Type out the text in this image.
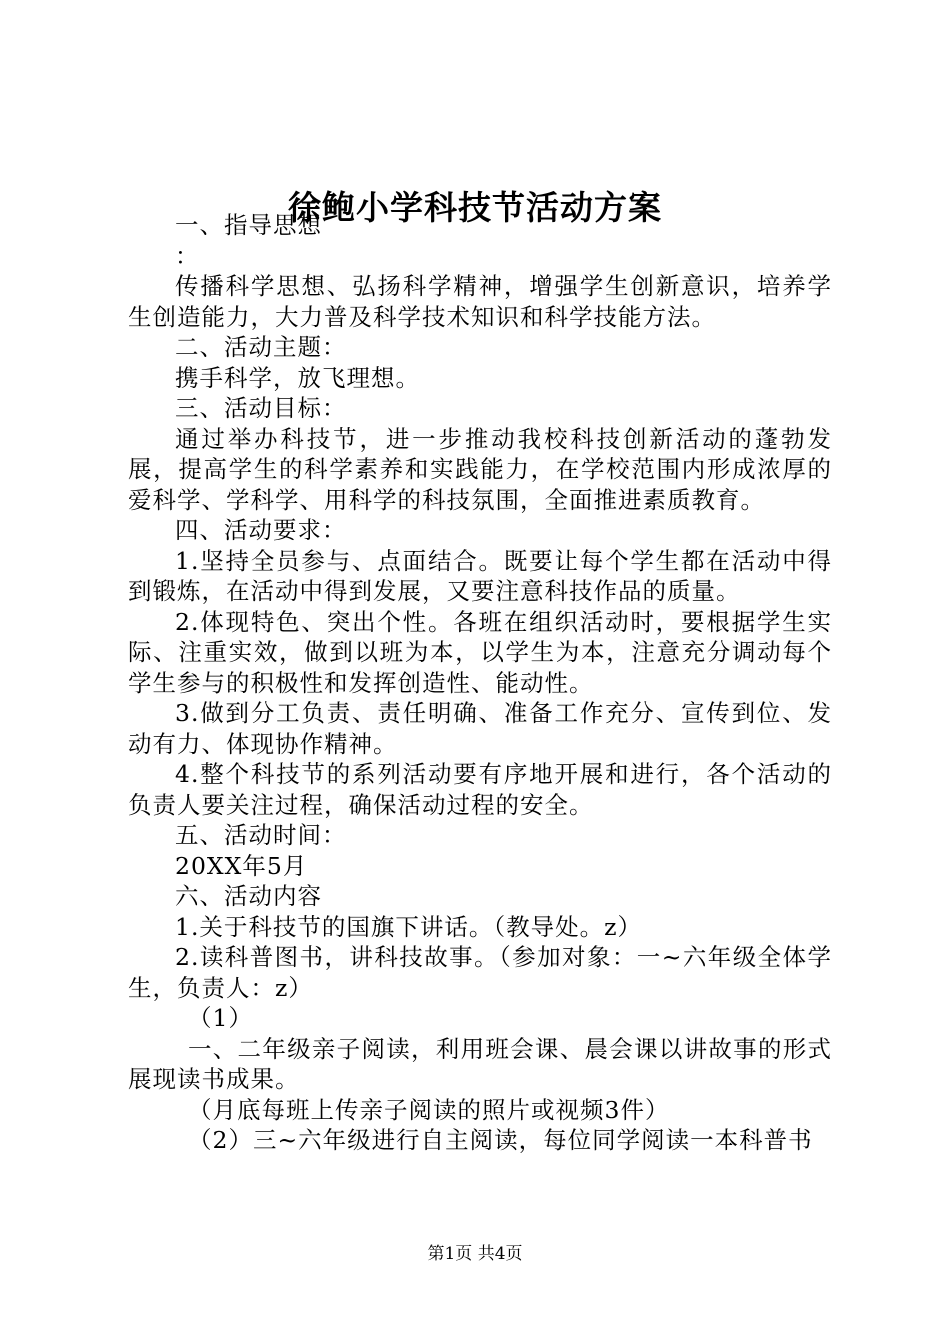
徐鲍小学科技节活动方案

一、指导思想

：

传播科学思想、弘扬科学精神，增强学生创新意识，培养学生创造能力，大力普及科学技术知识和科学技能方法。

二、活动主题：

携手科学，放飞理想。

三、活动目标：

通过举办科技节，进一步推动我校科技创新活动的蓬勃发展，提高学生的科学素养和实践能力，在学校范围内形成浓厚的爱科学、学科学、用科学的科技氛围，全面推进素质教育。

四、活动要求：

1.坚持全员参与、点面结合。既要让每个学生都在活动中得到锻炼，在活动中得到发展，又要注意科技作品的质量。

2.体现特色、突出个性。各班在组织活动时，要根据学生实际、注重实效，做到以班为本，以学生为本，注意充分调动每个学生参与的积极性和发挥创造性、能动性。

3.做到分工负责、责任明确、准备工作充分、宣传到位、发动有力、体现协作精神。

4.整个科技节的系列活动要有序地开展和进行，各个活动的负责人要关注过程，确保活动过程的安全。

五、活动时间：

20XX年5月

六、活动内容

1.关于科技节的国旗下讲话。（教导处。z）

2.读科普图书，讲科技故事。（参加对象：一~六年级全体学生，负责人：z）

（1）

一、二年级亲子阅读，利用班会课、晨会课以讲故事的形式展现读书成果。

（月底每班上传亲子阅读的照片或视频3件）

（2）三~六年级进行自主阅读，每位同学阅读一本科普书

第1页 共4页
